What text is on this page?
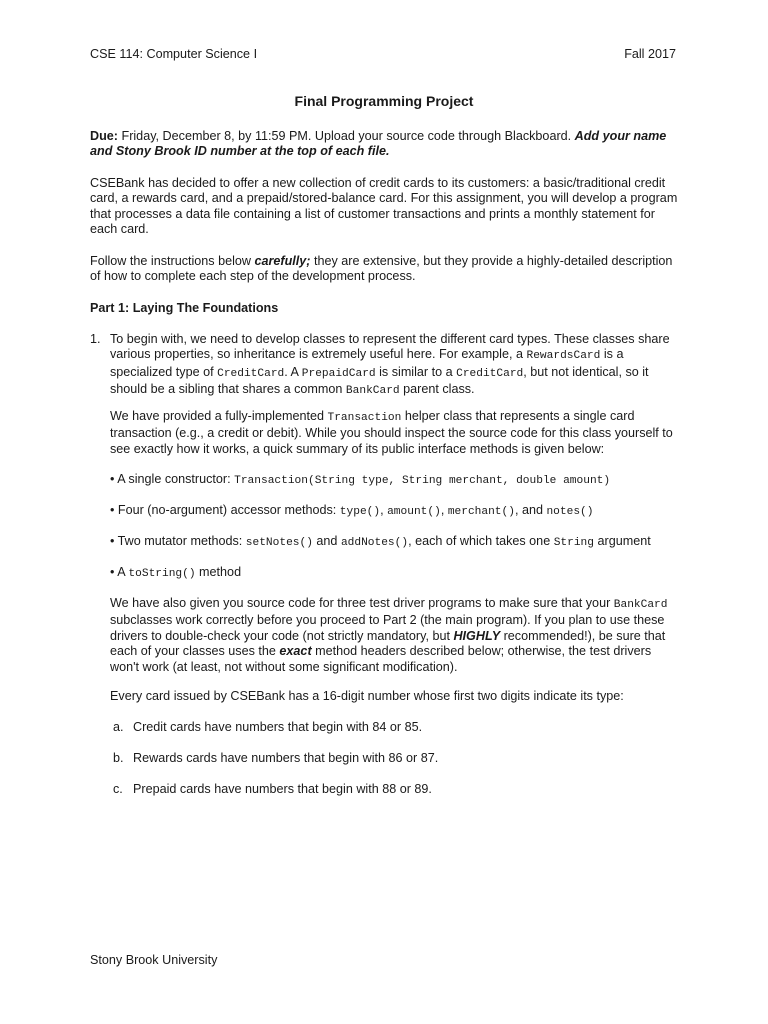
CSE 114: Computer Science I	Fall 2017
Final Programming Project
Due: Friday, December 8, by 11:59 PM. Upload your source code through Blackboard. Add your name and Stony Brook ID number at the top of each file.
CSEBank has decided to offer a new collection of credit cards to its customers: a basic/traditional credit card, a rewards card, and a prepaid/stored-balance card. For this assignment, you will develop a program that processes a data file containing a list of customer transactions and prints a monthly statement for each card.
Follow the instructions below carefully; they are extensive, but they provide a highly-detailed description of how to complete each step of the development process.
Part 1: Laying The Foundations
1. To begin with, we need to develop classes to represent the different card types. These classes share various properties, so inheritance is extremely useful here. For example, a RewardsCard is a specialized type of CreditCard. A PrepaidCard is similar to a CreditCard, but not identical, so it should be a sibling that shares a common BankCard parent class.
We have provided a fully-implemented Transaction helper class that represents a single card transaction (e.g., a credit or debit). While you should inspect the source code for this class yourself to see exactly how it works, a quick summary of its public interface methods is given below:
• A single constructor: Transaction(String type, String merchant, double amount)
• Four (no-argument) accessor methods: type(), amount(), merchant(), and notes()
• Two mutator methods: setNotes() and addNotes(), each of which takes one String argument
• A toString() method
We have also given you source code for three test driver programs to make sure that your BankCard subclasses work correctly before you proceed to Part 2 (the main program). If you plan to use these drivers to double-check your code (not strictly mandatory, but HIGHLY recommended!), be sure that each of your classes uses the exact method headers described below; otherwise, the test drivers won't work (at least, not without some significant modification).
Every card issued by CSEBank has a 16-digit number whose first two digits indicate its type:
a. Credit cards have numbers that begin with 84 or 85.
b. Rewards cards have numbers that begin with 86 or 87.
c. Prepaid cards have numbers that begin with 88 or 89.
Stony Brook University
